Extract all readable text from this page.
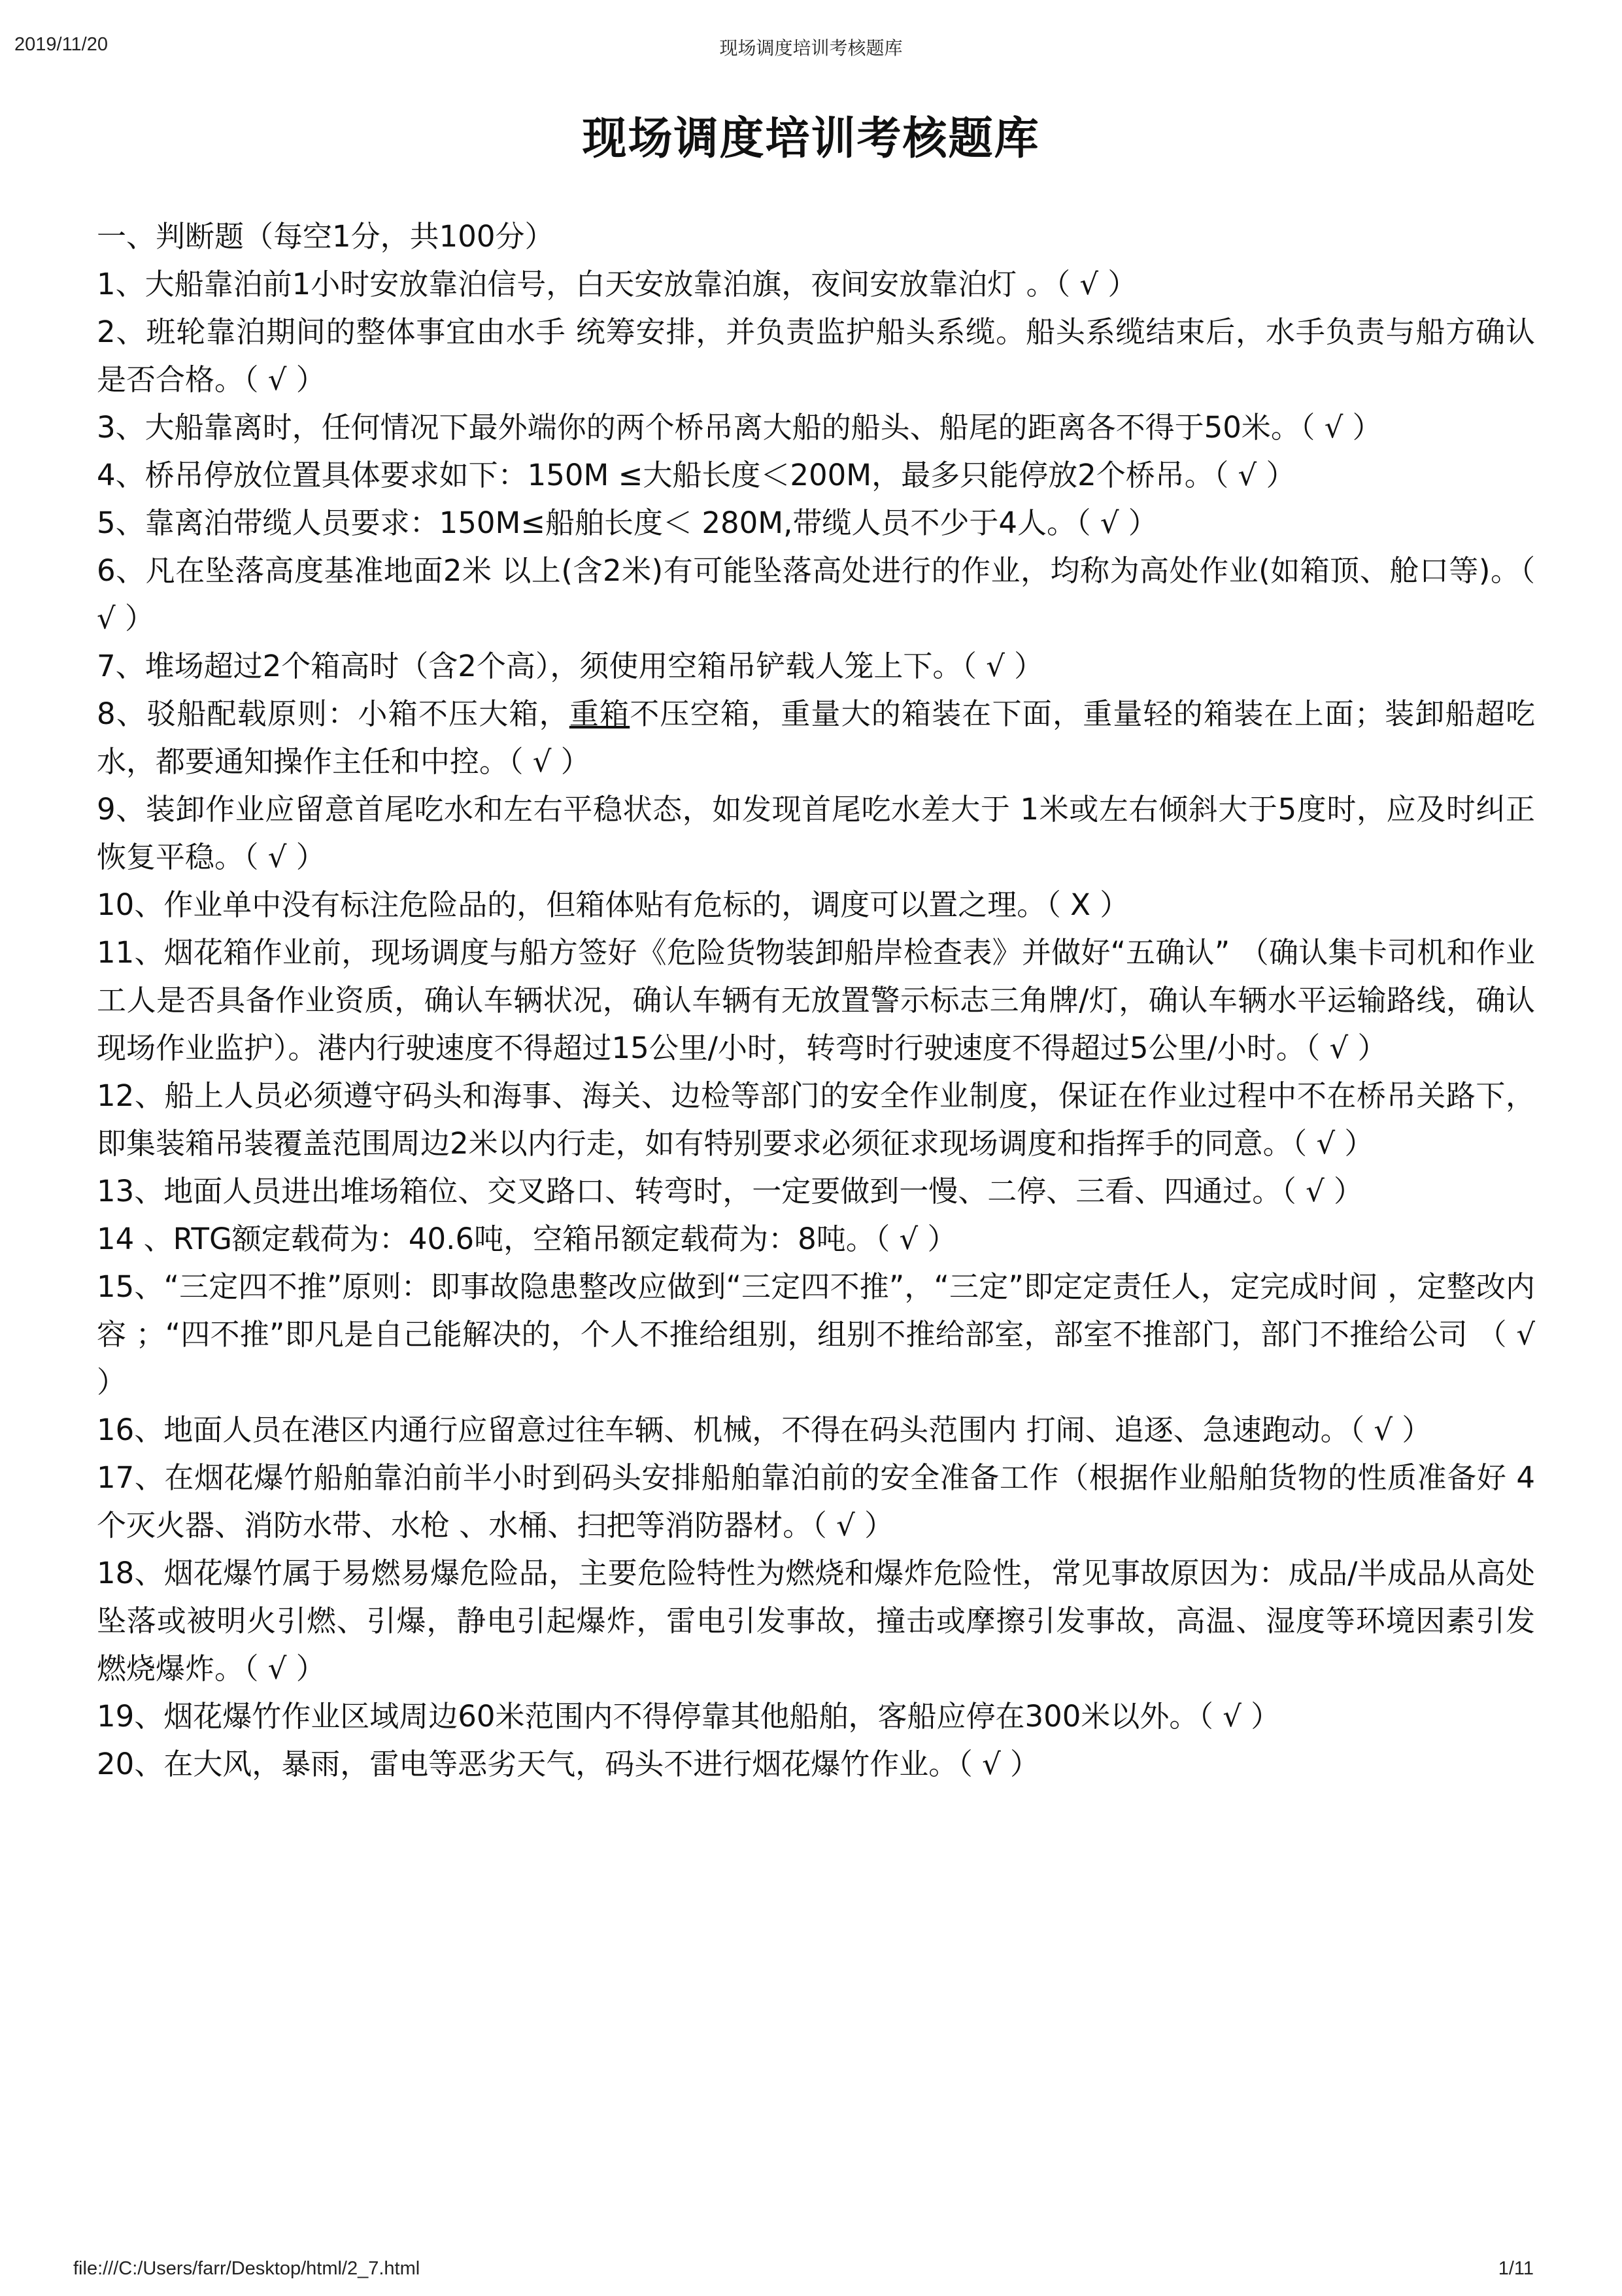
2019/11/20	现场调度培训考核题库
现场调度培训考核题库

一、判断题（每空1分，共100分）

1、大船靠泊前1小时安放靠泊信号，白天安放靠泊旗，夜间安放靠泊灯 。（ √ ）

2、班轮靠泊期间的整体事宜由水手 统筹安排，并负责监护船头系缆。船头系缆结束后，水手负责与船方确认是否合格。（ √ ）

3、大船靠离时，任何情况下最外端你的两个桥吊离大船的船头、船尾的距离各不得于50米。（ √ ）

4、桥吊停放位置具体要求如下：150M ≤大船长度＜200M，最多只能停放2个桥吊。（ √ ）

5、靠离泊带缆人员要求：150M≤船舶长度＜ 280M,带缆人员不少于4人。（ √ ）

6、凡在坠落高度基准地面2米 以上(含2米)有可能坠落高处进行的作业，均称为高处作业(如箱顶、舱口等)。（ √ ）

7、堆场超过2个箱高时（含2个高），须使用空箱吊铲载人笼上下。（ √ ）

8、驳船配载原则：小箱不压大箱，重箱不压空箱，重量大的箱装在下面，重量轻的箱装在上面；装卸船超吃水，都要通知操作主任和中控。（ √ ）

9、装卸作业应留意首尾吃水和左右平稳状态，如发现首尾吃水差大于 1米或左右倾斜大于5度时，应及时纠正恢复平稳。（ √ ）

10、作业单中没有标注危险品的，但箱体贴有危标的，调度可以置之理。（ X ）

11、烟花箱作业前，现场调度与船方签好《危险货物装卸船岸检查表》并做好“五确认” （确认集卡司机和作业工人是否具备作业资质，确认车辆状况，确认车辆有无放置警示标志三角牌/灯，确认车辆水平运输路线，确认现场作业监护）。港内行驶速度不得超过15公里/小时，转弯时行驶速度不得超过5公里/小时。（ √ ）

12、船上人员必须遵守码头和海事、海关、边检等部门的安全作业制度，保证在作业过程中不在桥吊关路下，即集装箱吊装覆盖范围周边2米以内行走，如有特别要求必须征求现场调度和指挥手的同意。（ √ ）

13、地面人员进出堆场箱位、交叉路口、转弯时，一定要做到一慢、二停、三看、四通过。（ √ ）

14 、RTG额定载荷为：40.6吨，空箱吊额定载荷为：8吨。（ √ ）

15、“三定四不推”原则：即事故隐患整改应做到“三定四不推”，“三定”即定定责任人，定完成时间 ，定整改内容 ；“四不推”即凡是自己能解决的，个人不推给组别，组别不推给部室，部室不推部门，部门不推给公司 （ √ ）

16、地面人员在港区内通行应留意过往车辆、机械，不得在码头范围内 打闹、追逐、急速跑动。（ √ ）

17、在烟花爆竹船舶靠泊前半小时到码头安排船舶靠泊前的安全准备工作（根据作业船舶货物的性质准备好 4个灭火器、消防水带、水枪 、水桶、扫把等消防器材。（ √ ）

18、烟花爆竹属于易燃易爆危险品，主要危险特性为燃烧和爆炸危险性，常见事故原因为：成品/半成品从高处坠落或被明火引燃、引爆，静电引起爆炸，雷电引发事故，撞击或摩擦引发事故，高温、湿度等环境因素引发燃烧爆炸。（ √ ）

19、烟花爆竹作业区域周边60米范围内不得停靠其他船舶，客船应停在300米以外。（ √ ）

20、在大风，暴雨，雷电等恶劣天气，码头不进行烟花爆竹作业。（ √ ）

file:///C:/Users/farr/Desktop/html/2_7.html	1/11
